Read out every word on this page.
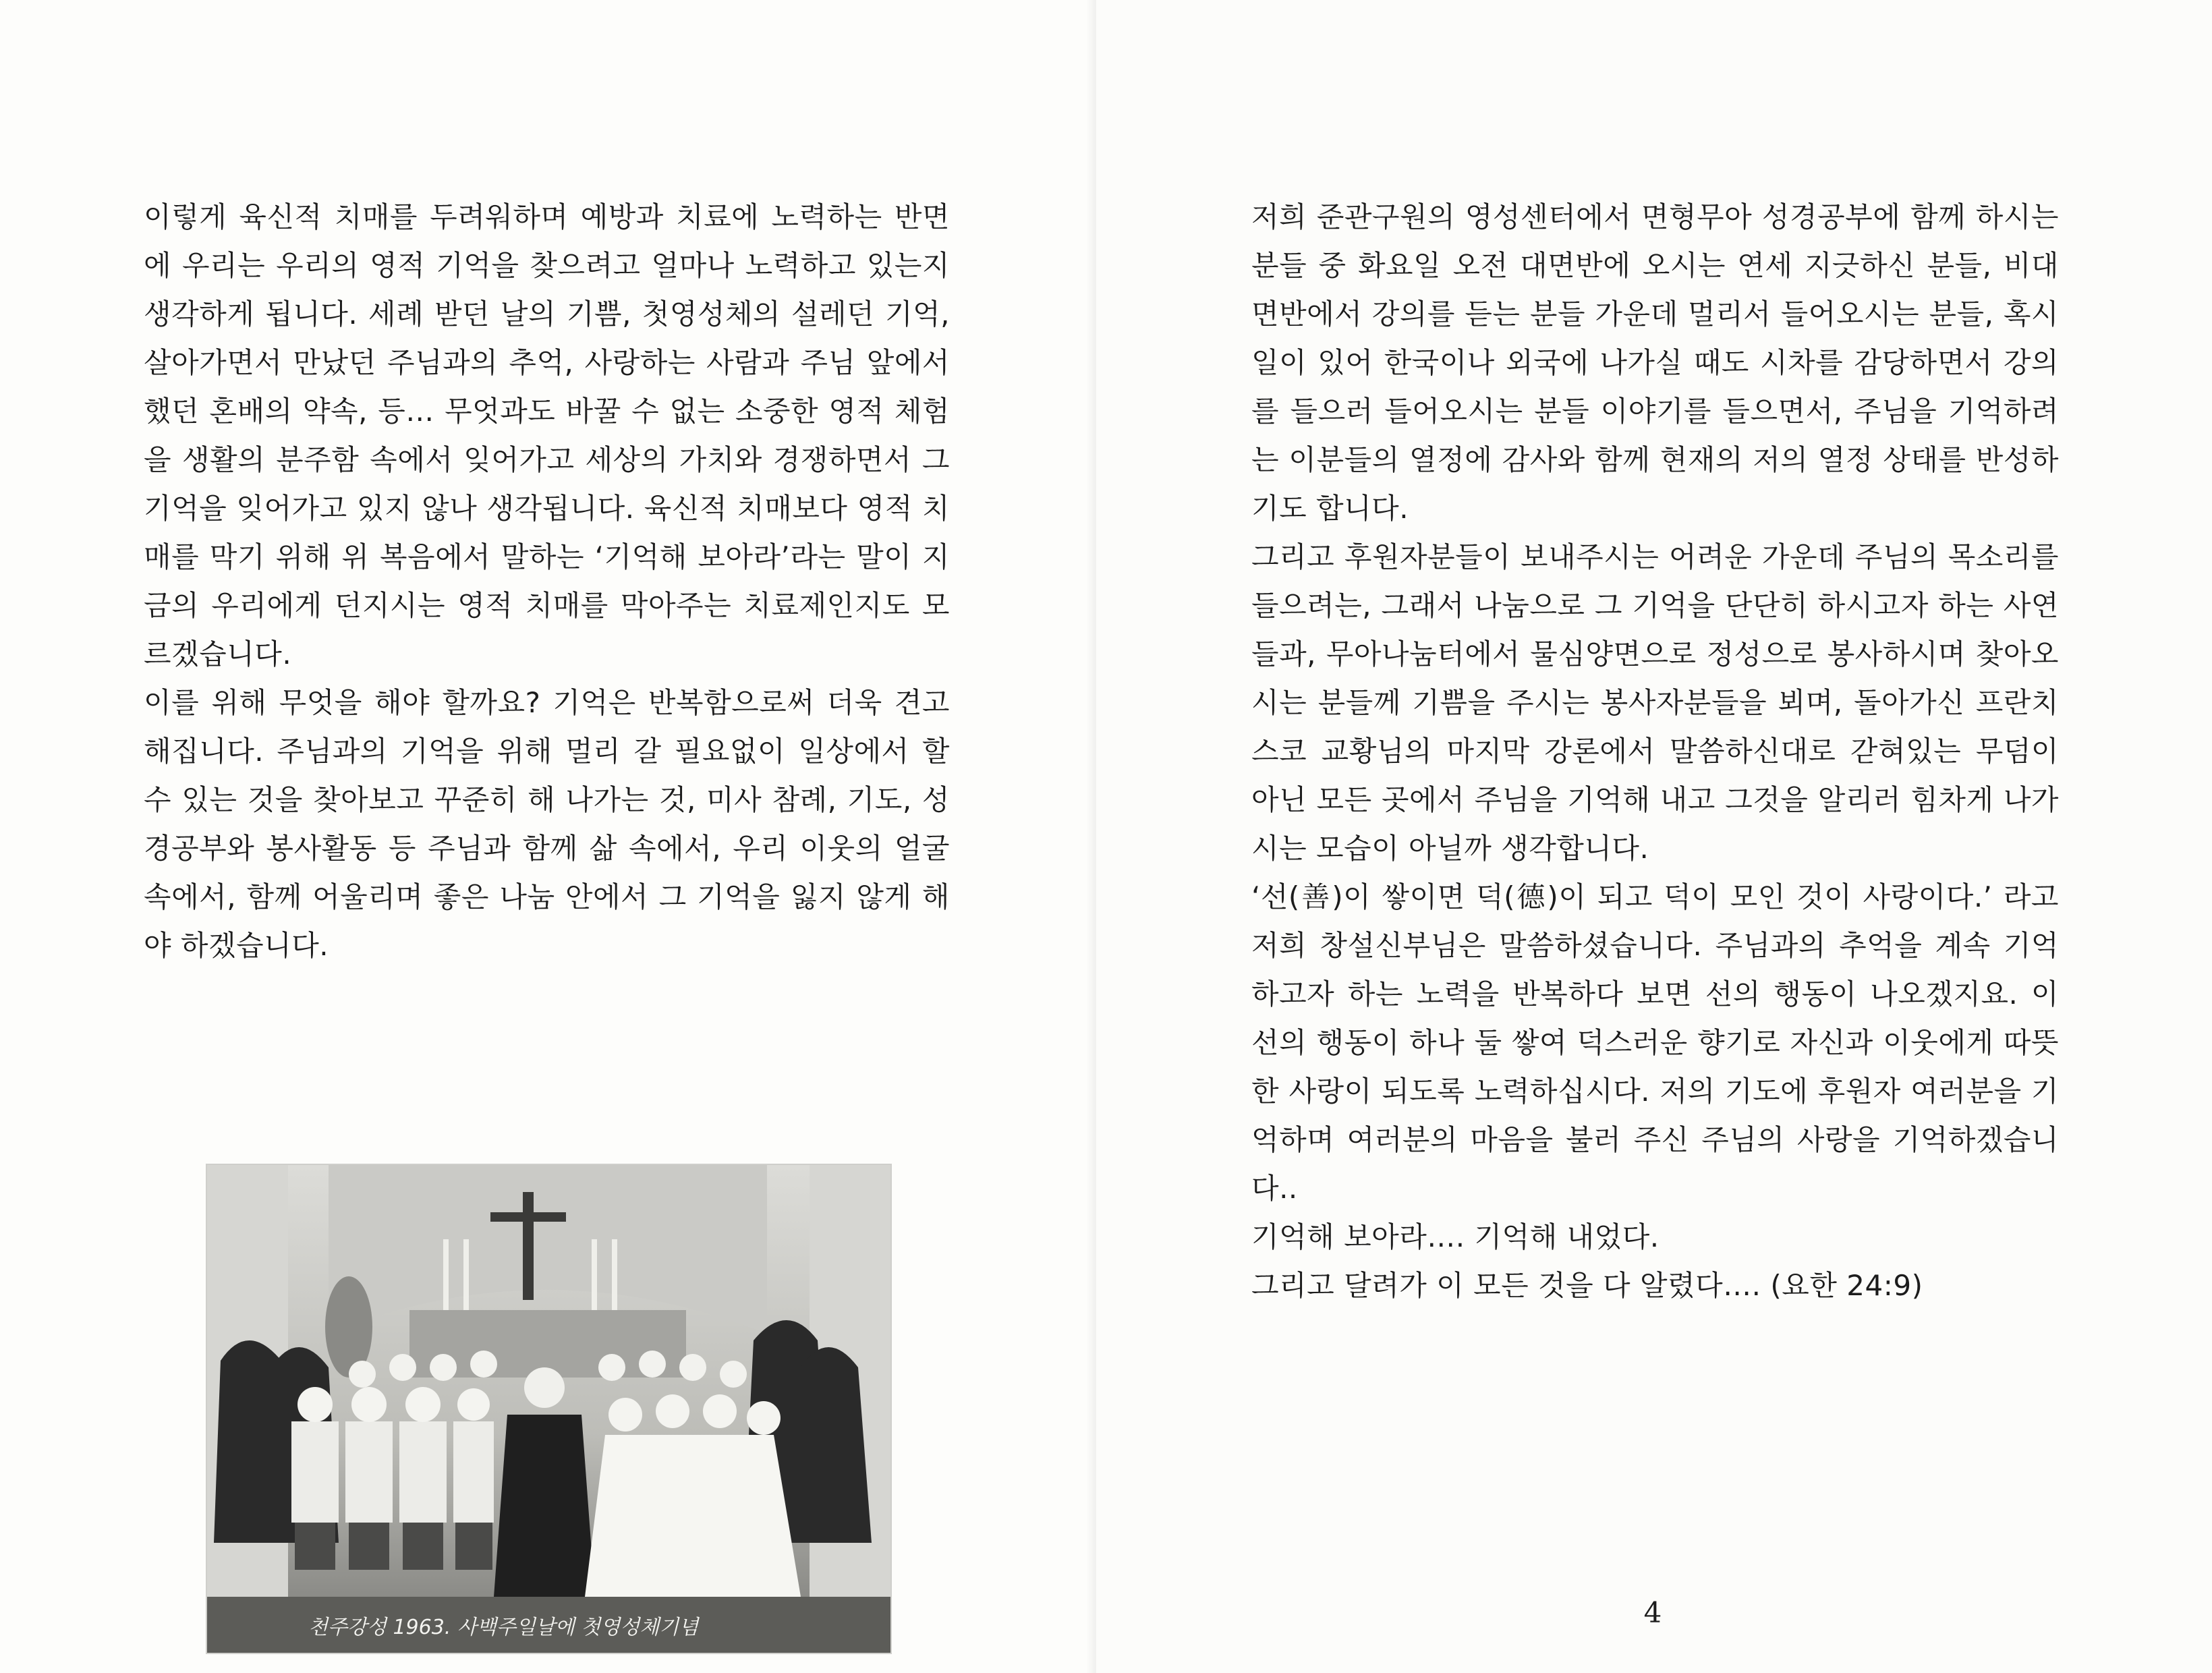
이렇게 육신적 치매를 두려워하며 예방과 치료에 노력하는 반면에 우리는 우리의 영적 기억을 찾으려고 얼마나 노력하고 있는지 생각하게 됩니다. 세례 받던 날의 기쁨, 첫영성체의 설레던 기억, 살아가면서 만났던 주님과의 추억, 사랑하는 사람과 주님 앞에서 했던 혼배의 약속, 등… 무엇과도 바꿀 수 없는 소중한 영적 체험을 생활의 분주함 속에서 잊어가고 세상의 가치와 경쟁하면서 그 기억을 잊어가고 있지 않나 생각됩니다. 육신적 치매보다 영적 치매를 막기 위해 위 복음에서 말하는 ‘기억해 보아라’라는 말이 지금의 우리에게 던지시는 영적 치매를 막아주는 치료제인지도 모르겠습니다.

이를 위해 무엇을 해야 할까요? 기억은 반복함으로써 더욱 견고해집니다. 주님과의 기억을 위해 멀리 갈 필요없이 일상에서 할 수 있는 것을 찾아보고 꾸준히 해 나가는 것, 미사 참례, 기도, 성경공부와 봉사활동 등 주님과 함께 삶 속에서, 우리 이웃의 얼굴 속에서, 함께 어울리며 좋은 나눔 안에서 그 기억을 잃지 않게 해야 하겠습니다.

천주강성 1963. 사백주일날에 첫영성체기념

저희 준관구원의 영성센터에서 면형무아 성경공부에 함께 하시는 분들 중 화요일 오전 대면반에 오시는 연세 지긋하신 분들, 비대면반에서 강의를 듣는 분들 가운데 멀리서 들어오시는 분들, 혹시 일이 있어 한국이나 외국에 나가실 때도 시차를 감당하면서 강의를 들으러 들어오시는 분들 이야기를 들으면서, 주님을 기억하려는 이분들의 열정에 감사와 함께 현재의 저의 열정 상태를 반성하기도 합니다.

그리고 후원자분들이 보내주시는 어려운 가운데 주님의 목소리를 들으려는, 그래서 나눔으로 그 기억을 단단히 하시고자 하는 사연들과, 무아나눔터에서 물심양면으로 정성으로 봉사하시며 찾아오시는 분들께 기쁨을 주시는 봉사자분들을 뵈며, 돌아가신 프란치스코 교황님의 마지막 강론에서 말씀하신대로 갇혀있는 무덤이 아닌 모든 곳에서 주님을 기억해 내고 그것을 알리러 힘차게 나가시는 모습이 아닐까 생각합니다.

‘선(善)이 쌓이면 덕(德)이 되고 덕이 모인 것이 사랑이다.’ 라고 저희 창설신부님은 말씀하셨습니다. 주님과의 추억을 계속 기억하고자 하는 노력을 반복하다 보면 선의 행동이 나오겠지요. 이 선의 행동이 하나 둘 쌓여 덕스러운 향기로 자신과 이웃에게 따뜻한 사랑이 되도록 노력하십시다. 저의 기도에 후원자 여러분을 기억하며 여러분의 마음을 불러 주신 주님의 사랑을 기억하겠습니다..

기억해 보아라…. 기억해 내었다.

그리고 달려가 이 모든 것을 다 알렸다…. (요한 24:9)

4
